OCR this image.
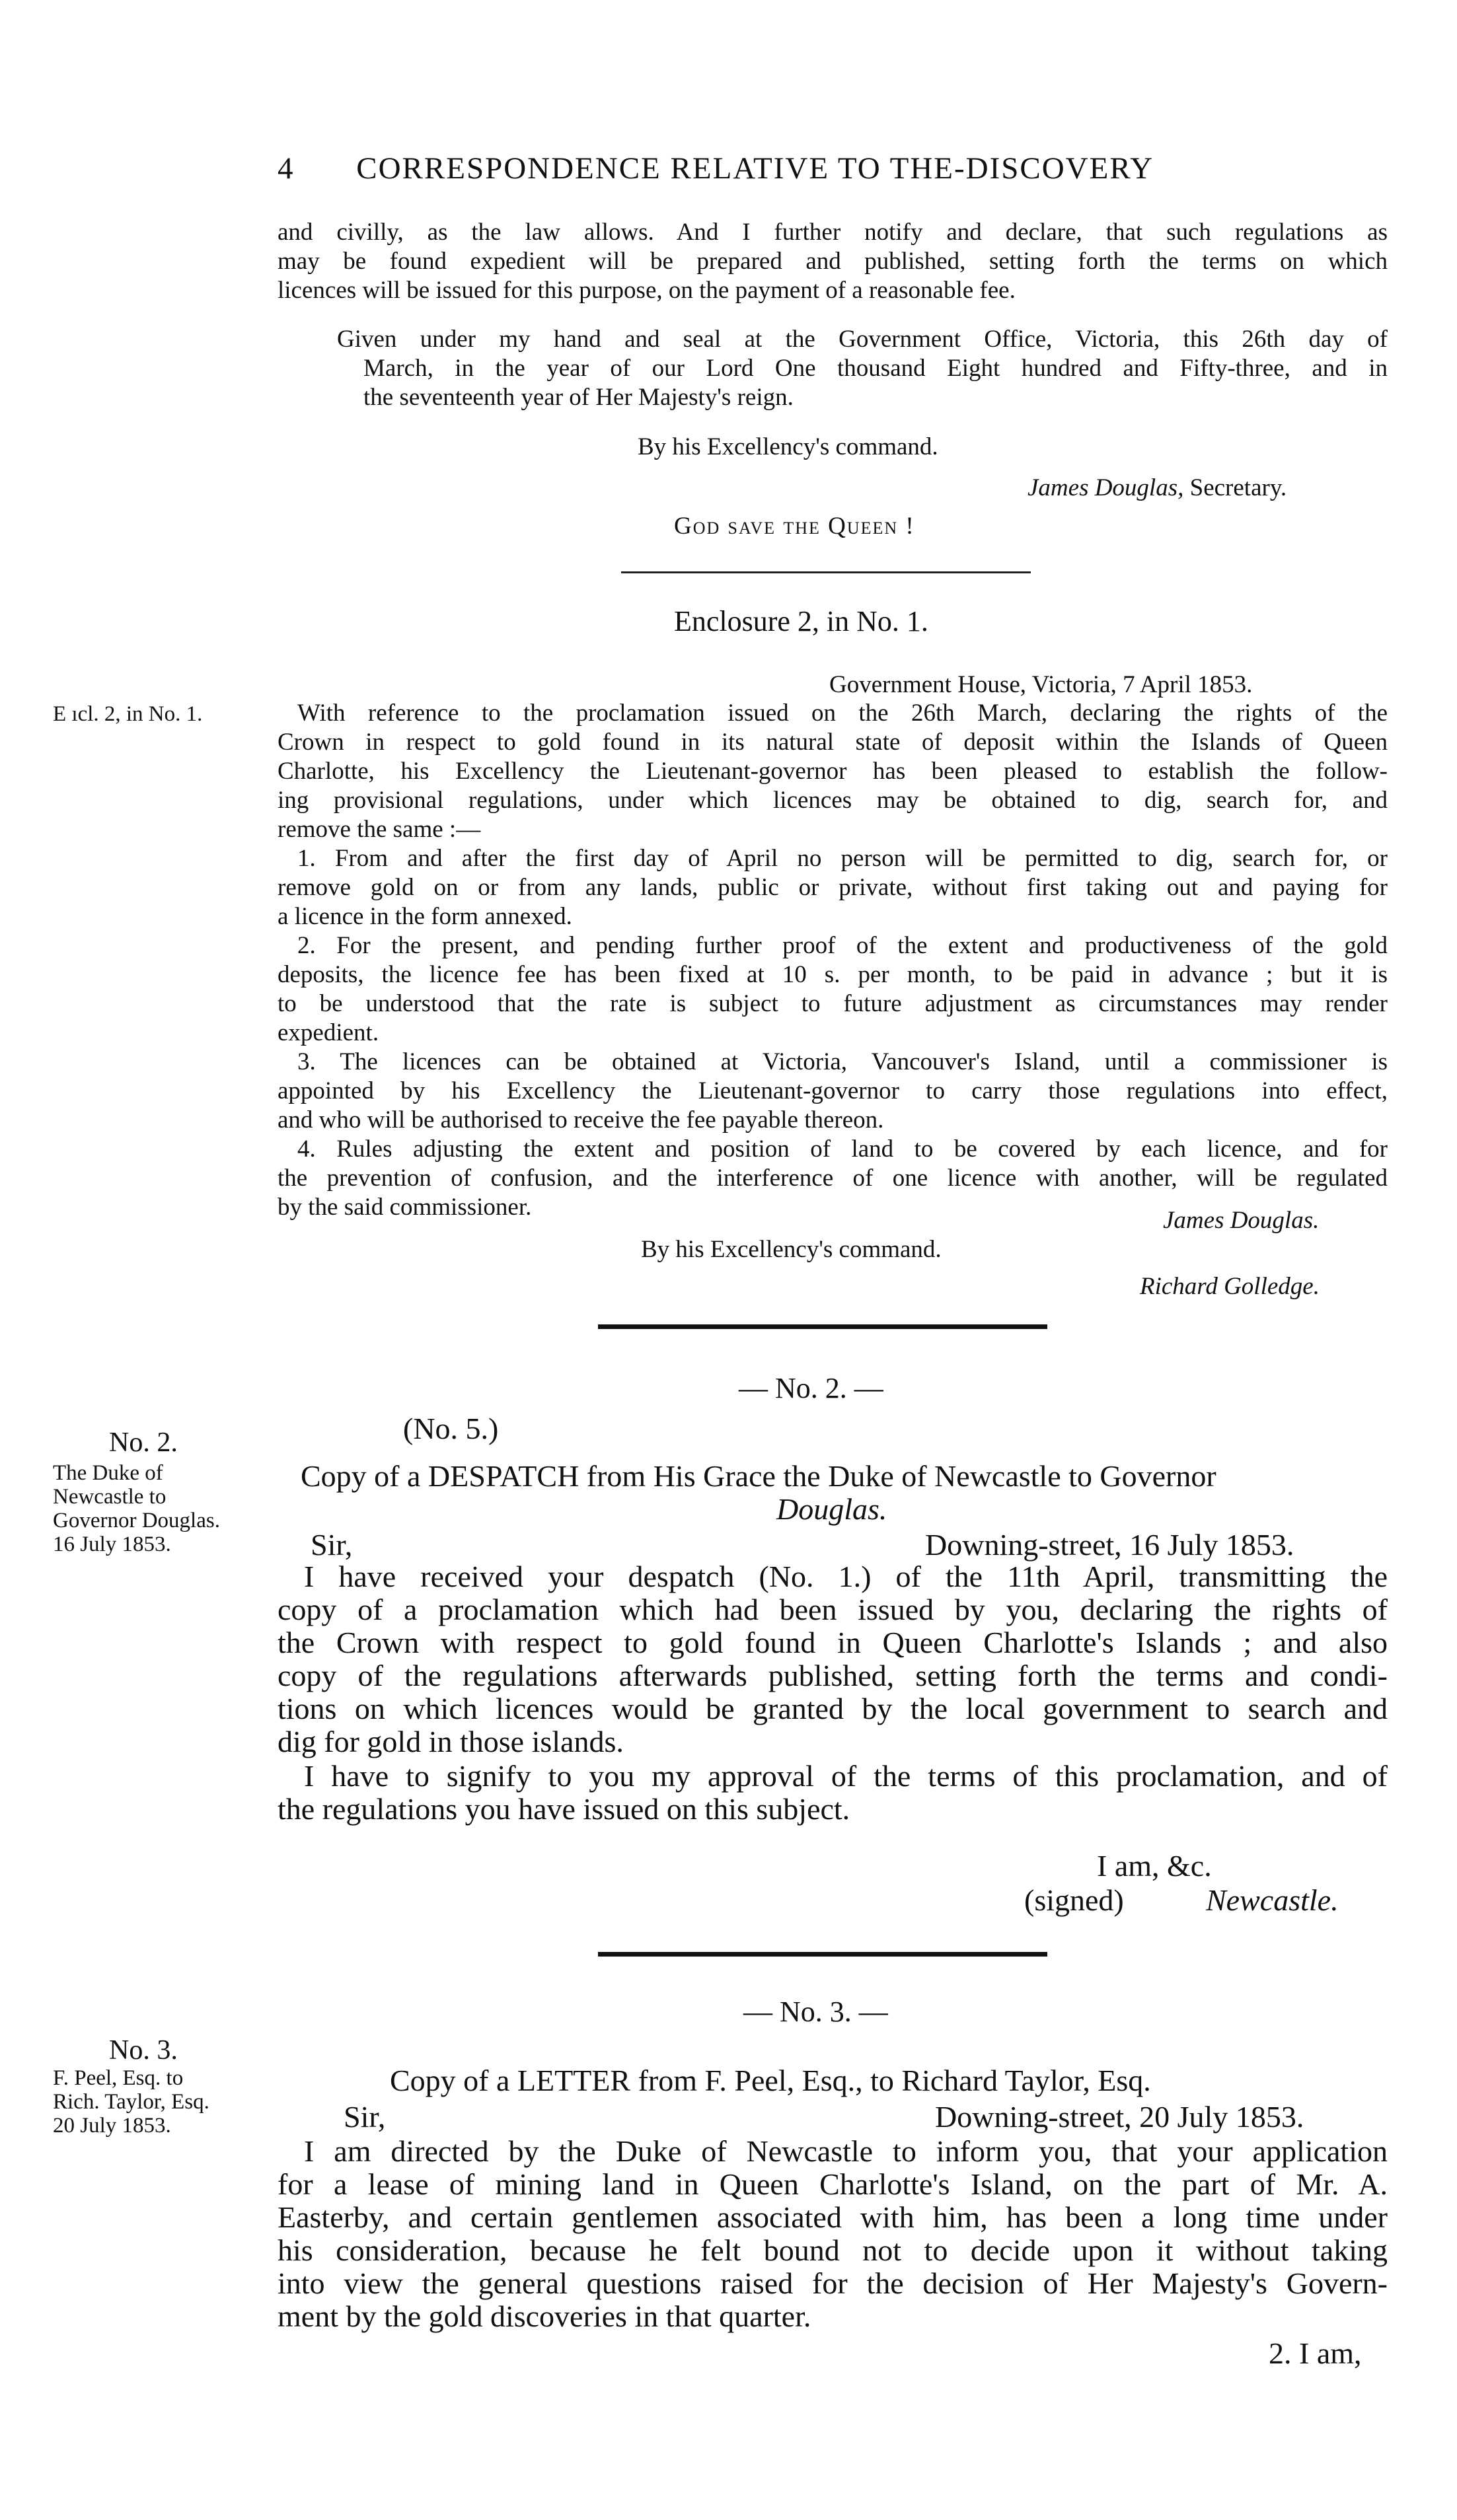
4 CORRESPONDENCE RELATIVE TO THE-DISCOVERY
and civilly, as the law allows. And I further notify and declare, that such regulations as
may be found expedient will be prepared and published, setting forth the terms on which
licences will be issued for this purpose, on the payment of a reasonable fee.
Given under my hand and seal at the Government Office, Victoria, this 26th day of
March, in the year of our Lord One thousand Eight hundred and Fifty-three, and in
the seventeenth year of Her Majesty's reign.
By his Excellency's command.
James Douglas, Secretary.
God save the Queen !
Enclosure 2, in No. 1.
Government House, Victoria, 7 April 1853.
E ıcl. 2, in No. 1.	With reference to the proclamation issued on the 26th March, declaring the rights of the
Crown in respect to gold found in its natural state of deposit within the Islands of Queen
Charlotte, his Excellency the Lieutenant-governor has been pleased to establish the follow-
ing provisional regulations, under which licences may be obtained to dig, search for, and
remove the same :—
1. From and after the first day of April no person will be permitted to dig, search for, or
remove gold on or from any lands, public or private, without first taking out and paying for
a licence in the form annexed.
2. For the present, and pending further proof of the extent and productiveness of the gold
deposits, the licence fee has been fixed at 10 s. per month, to be paid in advance ; but it is
to be understood that the rate is subject to future adjustment as circumstances may render
expedient.
3. The licences can be obtained at Victoria, Vancouver's Island, until a commissioner is
appointed by his Excellency the Lieutenant-governor to carry those regulations into effect,
and who will be authorised to receive the fee payable thereon.
4. Rules adjusting the extent and position of land to be covered by each licence, and for
the prevention of confusion, and the interference of one licence with another, will be regulated
by the said commissioner.	James Douglas.
By his Excellency's command.
Richard Golledge.
— No. 2. —
(No. 5.)
No. 2.
The Duke of
Newcastle to
Governor Douglas.
16 July 1853.
Copy of a DESPATCH from His Grace the Duke of Newcastle to Governor
Douglas.
Sir,	Downing-street, 16 July 1853.
I have received your despatch (No. 1.) of the 11th April, transmitting the
copy of a proclamation which had been issued by you, declaring the rights of
the Crown with respect to gold found in Queen Charlotte's Islands ; and also
copy of the regulations afterwards published, setting forth the terms and condi-
tions on which licences would be granted by the local government to search and
dig for gold in those islands.
I have to signify to you my approval of the terms of this proclamation, and of
the regulations you have issued on this subject.
I am, &c.
(signed)	Newcastle.
— No. 3. —
No. 3.
F. Peel, Esq. to
Rich. Taylor, Esq.
20 July 1853.
Copy of a LETTER from F. Peel, Esq., to Richard Taylor, Esq.
Sir,	Downing-street, 20 July 1853.
I am directed by the Duke of Newcastle to inform you, that your application
for a lease of mining land in Queen Charlotte's Island, on the part of Mr. A.
Easterby, and certain gentlemen associated with him, has been a long time under
his consideration, because he felt bound not to decide upon it without taking
into view the general questions raised for the decision of Her Majesty's Govern-
ment by the gold discoveries in that quarter.
2. I am,
